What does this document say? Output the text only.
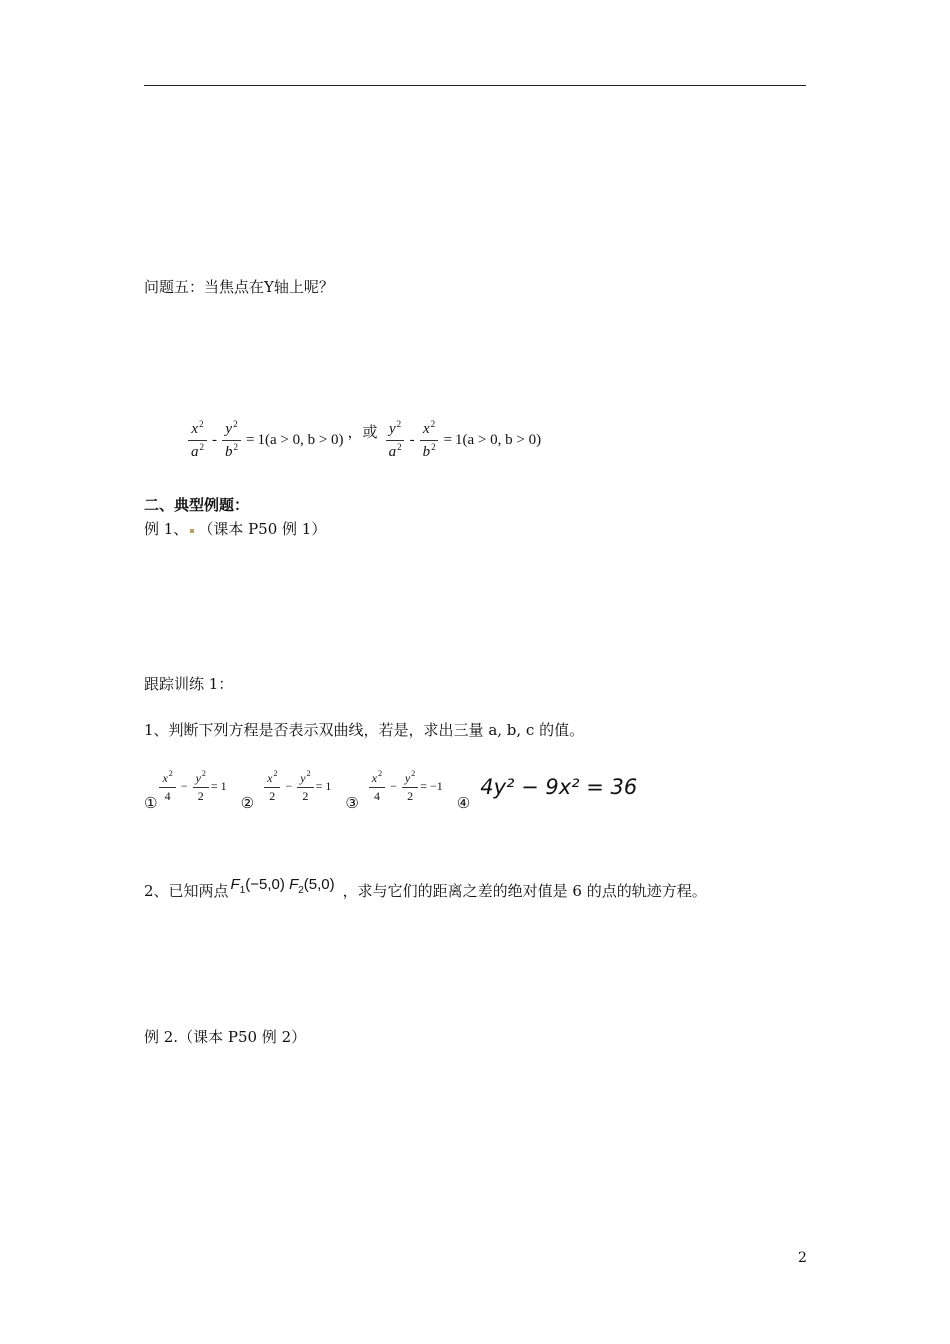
问题五：当焦点在Y轴上呢？
$\frac{x^2}{a^2} - \frac{y^2}{b^2} = 1(a > 0$, b > 0) ，或 $\frac{y^2}{a^2} - \frac{x^2}{b^2} = 1(a > 0$, b > 0)
二、典型例题：
例 1、 （课本 P50 例 1）
跟踪训练 1：
1、判断下列方程是否表示双曲线，若是，求出三量 a, b, c 的值。
①
$\frac{x^2}{4} - \frac{y^2}{2} = 1$
②
$\frac{x^2}{2} - \frac{y^2}{2} = 1$
③
$\frac{x^2}{4} - \frac{y^2}{2} = -1$
④
4y² − 9x² = 36
2、已知两点 $F_1(-5,0)$ $F_2(5,0)$ ，求与它们的距离之差的绝对值是 6 的点的轨迹方程。
例 2.（课本 P50 例 2）
2
